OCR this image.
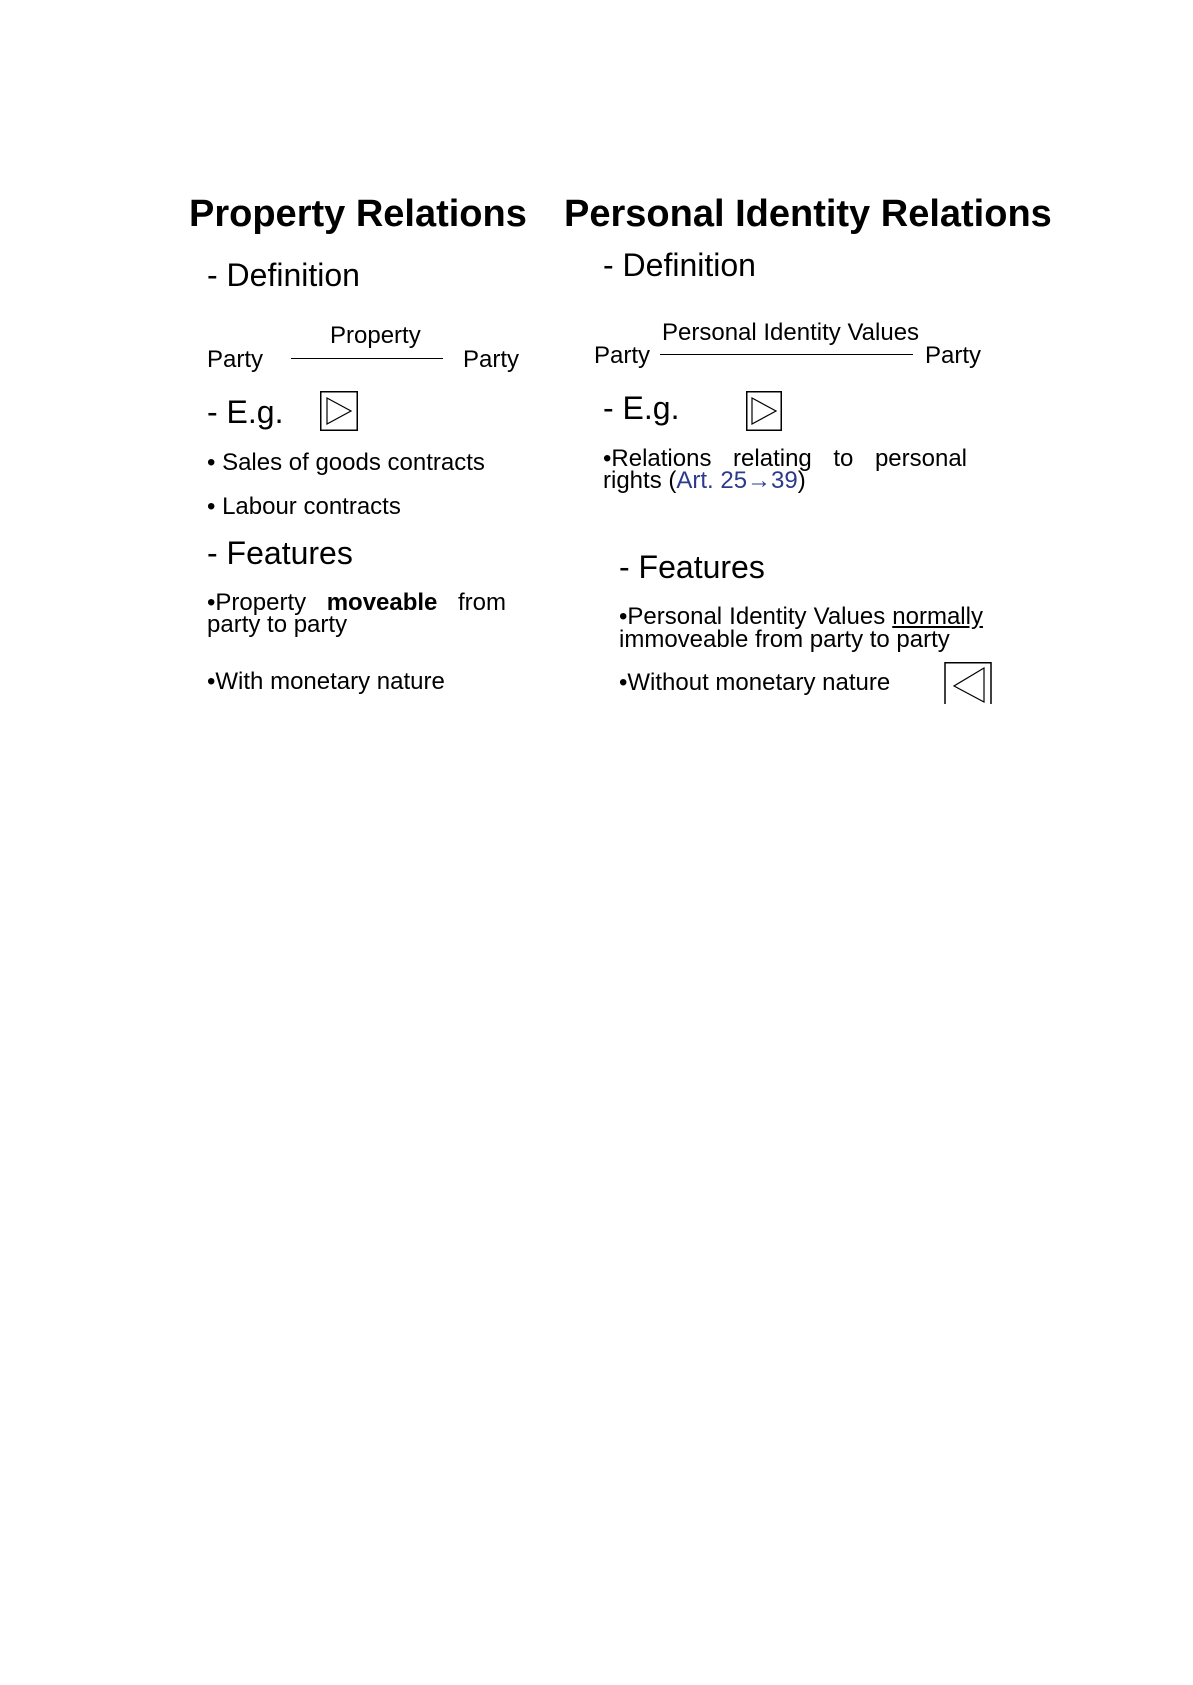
Property Relations
- Definition
Property
Party	Party
- E.g.
• Sales of goods contracts
• Labour contracts
- Features
•Property moveable from
party to party
•With monetary nature
Personal Identity Relations
- Definition
Personal Identity Values
Party	Party
- E.g.
•Relations relating to personal
rights (Art. 25→39)
- Features
•Personal Identity Values normally
immoveable from party to party
•Without monetary nature
